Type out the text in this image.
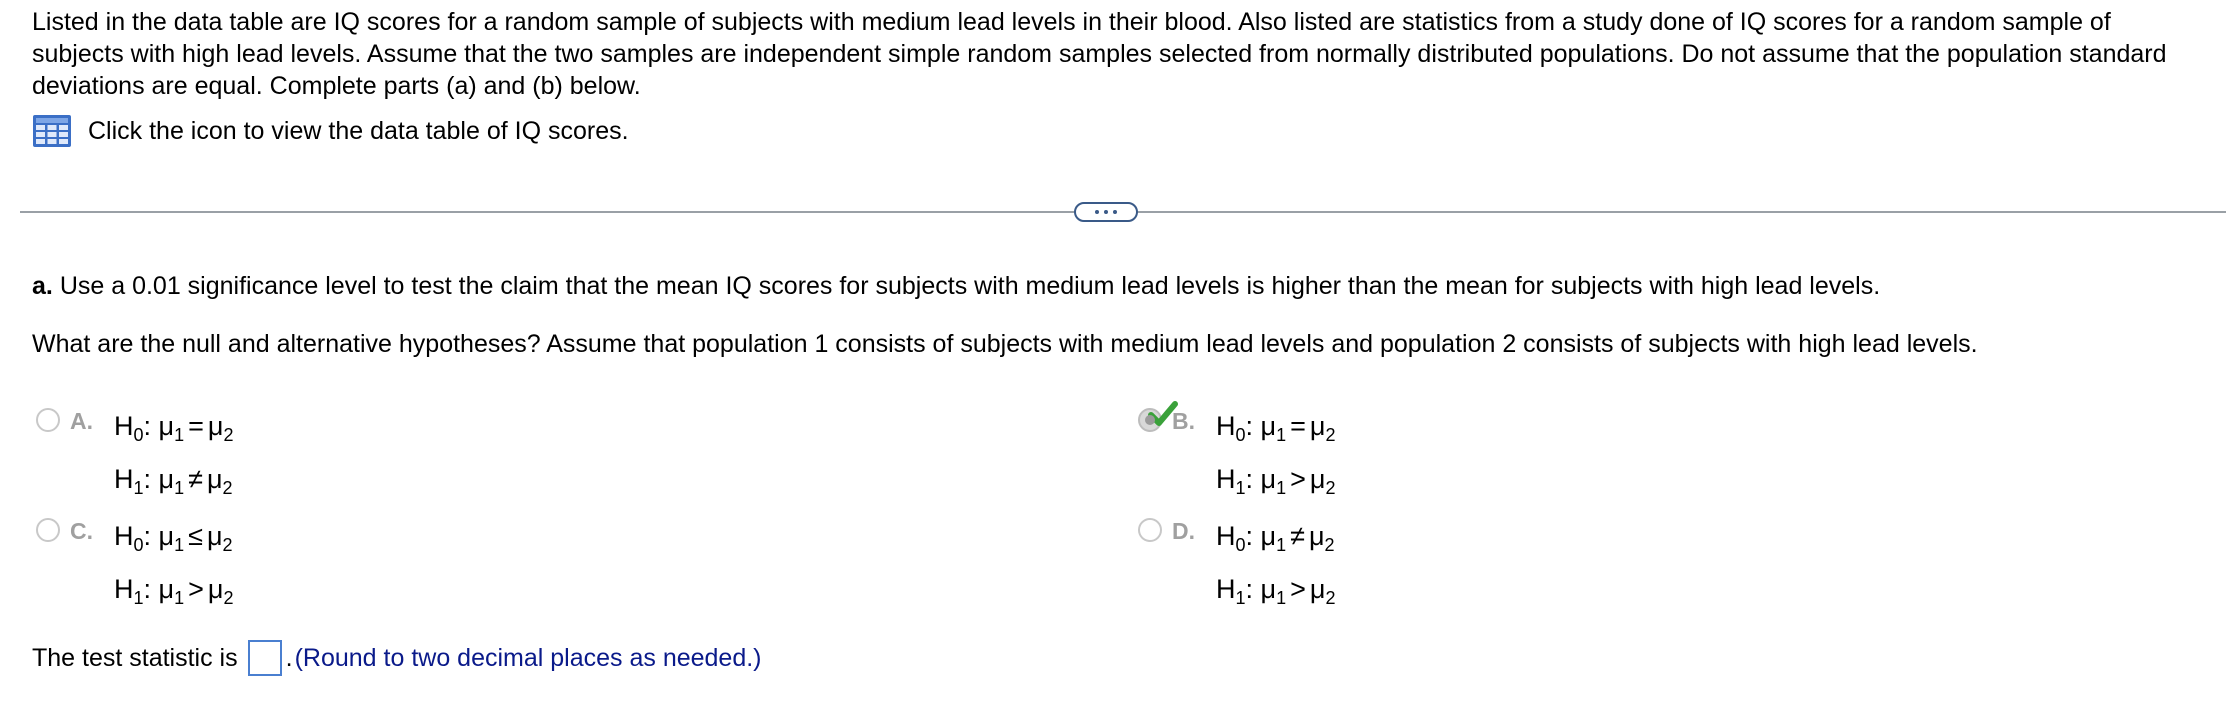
Listed in the data table are IQ scores for a random sample of subjects with medium lead levels in their blood. Also listed are statistics from a study done of IQ scores for a random sample of subjects with high lead levels. Assume that the two samples are independent simple random samples selected from normally distributed populations. Do not assume that the population standard deviations are equal. Complete parts (a) and (b) below.
Click the icon to view the data table of IQ scores.
a. Use a 0.01 significance level to test the claim that the mean IQ scores for subjects with medium lead levels is higher than the mean for subjects with high lead levels.
What are the null and alternative hypotheses? Assume that population 1 consists of subjects with medium lead levels and population 2 consists of subjects with high lead levels.
A. $H_0$: $\mu_1 = \mu_2$
$H_1$: $\mu_1 \ne \mu_2$
B. $H_0$: $\mu_1 = \mu_2$
$H_1$: $\mu_1 > \mu_2$
C. $H_0$: $\mu_1 \le \mu_2$
$H_1$: $\mu_1 > \mu_2$
D. $H_0$: $\mu_1 \ne \mu_2$
$H_1$: $\mu_1 > \mu_2$
The test statistic is . (Round to two decimal places as needed.)
